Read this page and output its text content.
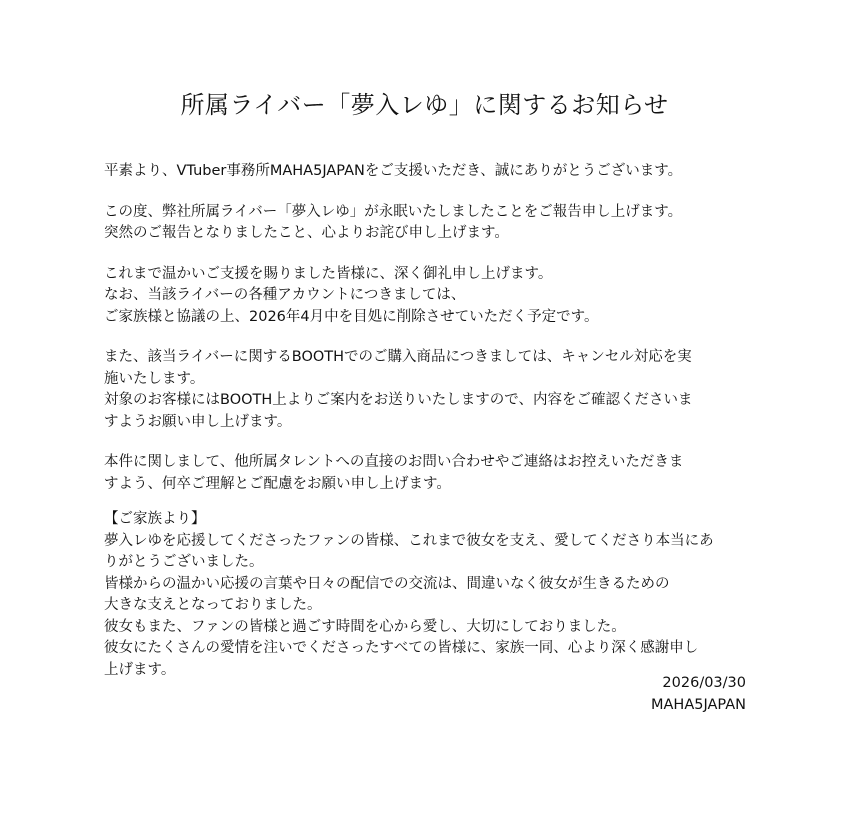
所属ライバー「夢入レゆ」に関するお知らせ

平素より、VTuber事務所MAHA5JAPANをご支援いただき、誠にありがとうございます。

この度、弊社所属ライバー「夢入レゆ」が永眠いたしましたことをご報告申し上げます。
突然のご報告となりましたこと、心よりお詫び申し上げます。

これまで温かいご支援を賜りました皆様に、深く御礼申し上げます。
なお、当該ライバーの各種アカウントにつきましては、
ご家族様と協議の上、2026年4月中を目処に削除させていただく予定です。

また、該当ライバーに関するBOOTHでのご購入商品につきましては、キャンセル対応を実
施いたします。
対象のお客様にはBOOTH上よりご案内をお送りいたしますので、内容をご確認くださいま
すようお願い申し上げます。

本件に関しまして、他所属タレントへの直接のお問い合わせやご連絡はお控えいただきま
すよう、何卒ご理解とご配慮をお願い申し上げます。

【ご家族より】
夢入レゆを応援してくださったファンの皆様、これまで彼女を支え、愛してくださり本当にあ
りがとうございました。
皆様からの温かい応援の言葉や日々の配信での交流は、間違いなく彼女が生きるための
大きな支えとなっておりました。
彼女もまた、ファンの皆様と過ごす時間を心から愛し、大切にしておりました。
彼女にたくさんの愛情を注いでくださったすべての皆様に、家族一同、心より深く感謝申し
上げます。

2026/03/30
MAHA5JAPAN
